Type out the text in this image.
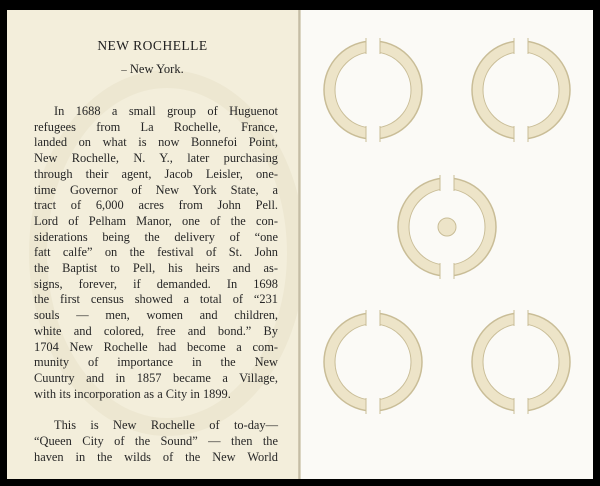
NEW ROCHELLE
– New York.
In 1688 a small group of Huguenot
refugees from La Rochelle, France,
landed on what is now Bonnefoi Point,
New Rochelle, N. Y., later purchasing
through their agent, Jacob Leisler, one-
time Governor of New York State, a
tract of 6,000 acres from John Pell.
Lord of Pelham Manor, one of the con-
siderations being the delivery of “one
fatt calfe” on the festival of St. John
the Baptist to Pell, his heirs and as-
signs, forever, if demanded. In 1698
the first census showed a total of “231
souls — men, women and children,
white and colored, free and bond.” By
1704 New Rochelle had become a com-
munity of importance in the New
Cuuntry and in 1857 became a Village,
with its incorporation as a City in 1899.
This is New Rochelle of to-day—
“Queen City of the Sound” — then the
haven in the wilds of the New World
